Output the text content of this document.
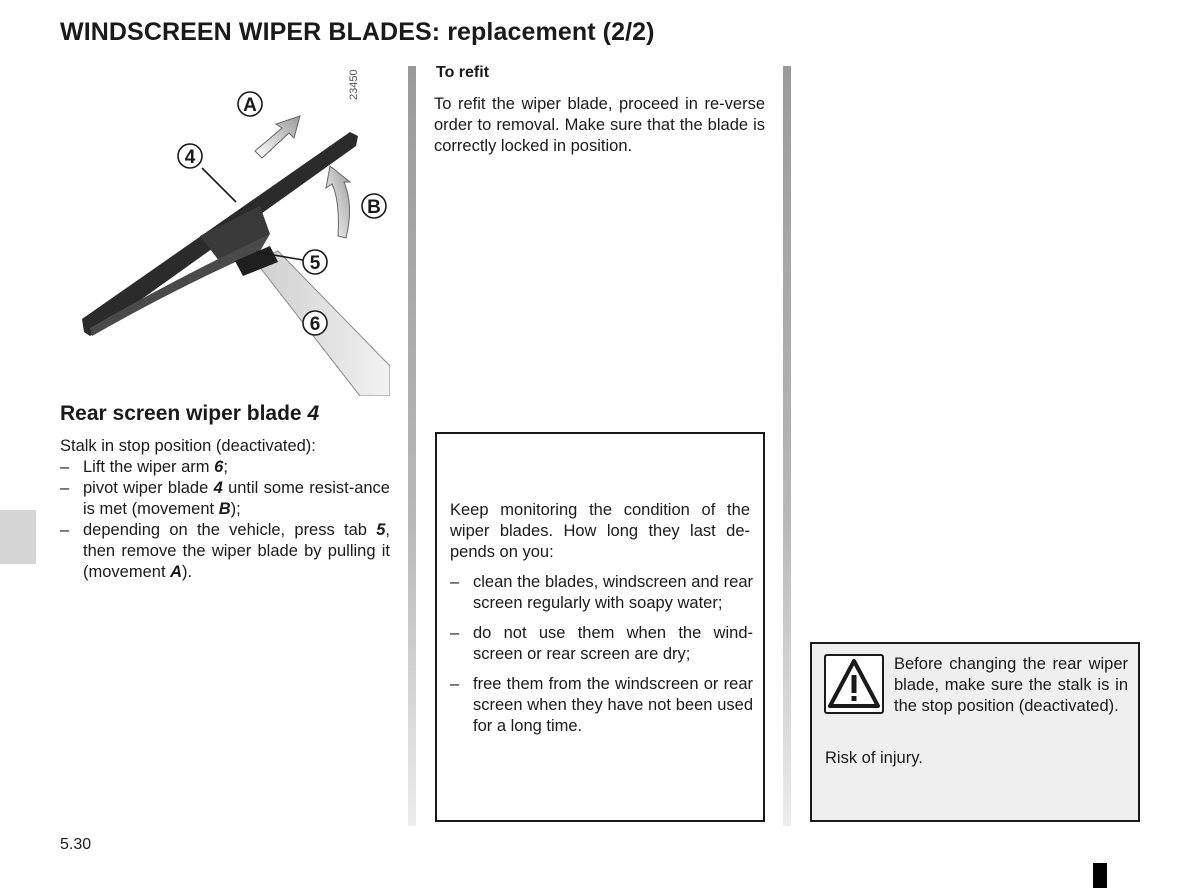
WINDSCREEN WIPER BLADES: replacement (2/2)
A
4
B
5
6
23450
Rear screen wiper blade 4
Stalk in stop position (deactivated):
– Lift the wiper arm 6;
– pivot wiper blade 4 until some resist-ance is met (movement B);
– depending on the vehicle, press tab 5, then remove the wiper blade by pulling it (movement A).
To refit
To refit the wiper blade, proceed in re-verse order to removal. Make sure that the blade is correctly locked in position.
Keep monitoring the condition of the wiper blades. How long they last de-pends on you:
– clean the blades, windscreen and rear screen regularly with soapy water;
– do not use them when the wind-screen or rear screen are dry;
– free them from the windscreen or rear screen when they have not been used for a long time.
Before changing the rear wiper blade, make sure the stalk is in the stop position (deactivated).
Risk of injury.
5.30
